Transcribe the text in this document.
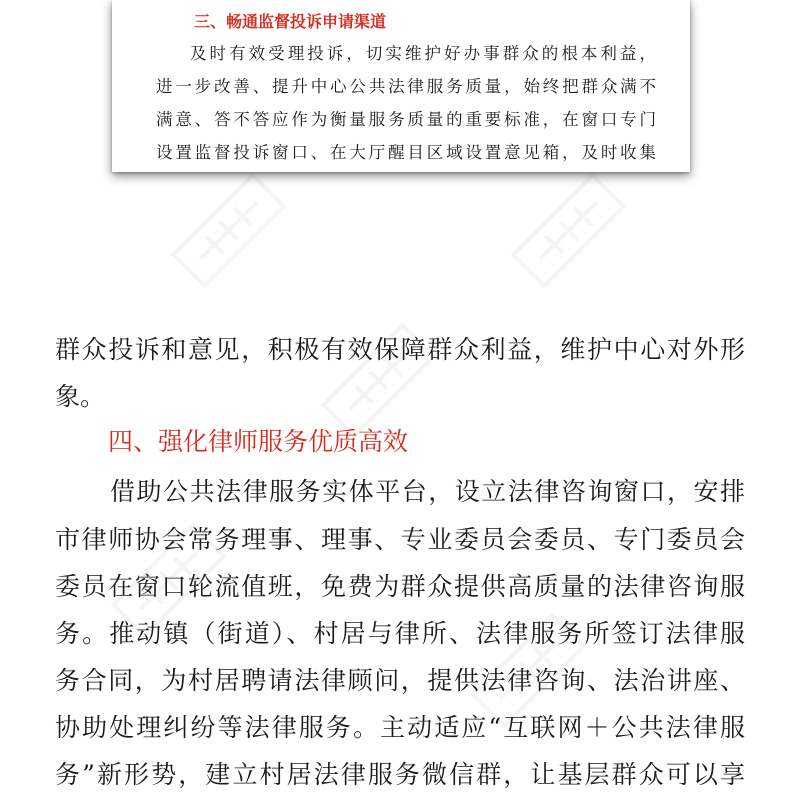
三、畅通监督投诉申请渠道
及时有效受理投诉，切实维护好办事群众的根本利益，
进一步改善、提升中心公共法律服务质量，始终把群众满不
满意、答不答应作为衡量服务质量的重要标准，在窗口专门
设置监督投诉窗口、在大厅醒目区域设置意见箱，及时收集
群众投诉和意见，积极有效保障群众利益，维护中心对外形
象。
四、强化律师服务优质高效
借助公共法律服务实体平台，设立法律咨询窗口，安排
市律师协会常务理事、理事、专业委员会委员、专门委员会
委员在窗口轮流值班，免费为群众提供高质量的法律咨询服
务。推动镇（街道）、村居与律所、法律服务所签订法律服
务合同，为村居聘请法律顾问，提供法律咨询、法治讲座、
协助处理纠纷等法律服务。主动适应“互联网＋公共法律服
务”新形势，建立村居法律服务微信群，让基层群众可以享
